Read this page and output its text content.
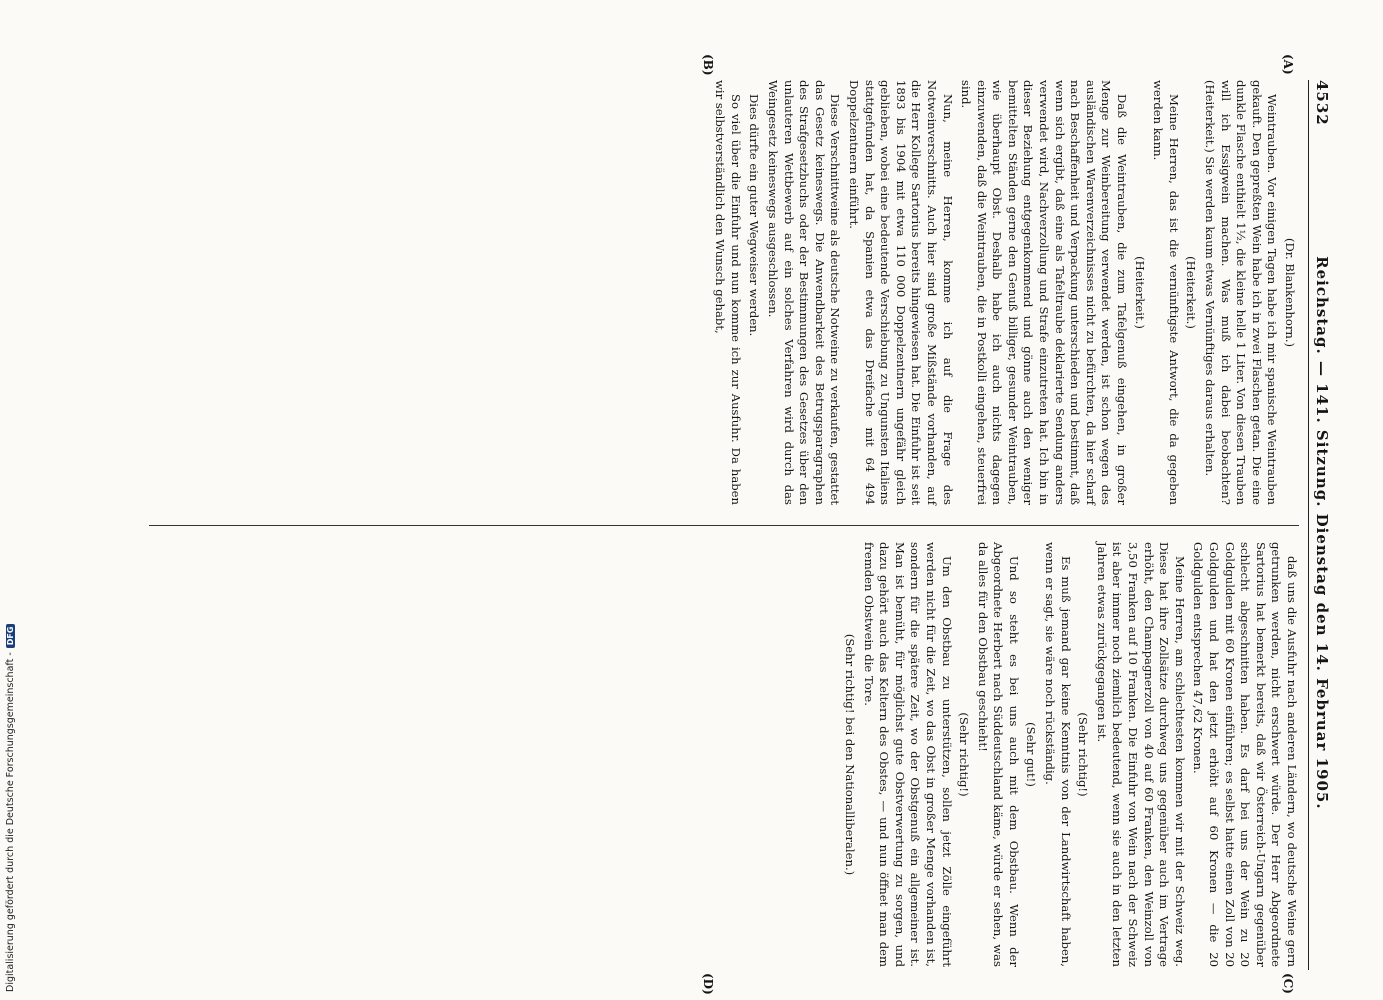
4532
Reichstag. — 141. Sitzung. Dienstag den 14. Februar 1905.
(A)
(B)
(C)
(D)

(Dr. Blankenhorn.)

Weintrauben. Vor einigen Tagen habe ich mir spanische Weintrauben gekauft. Den gepreßten Wein habe ich in zwei Flaschen getan. Die eine dunkle Flasche enthielt 1½, die kleine helle 1 Liter. Von diesen Trauben will ich Essigwein machen. Was muß ich dabei beobachten? (Heiterkeit.) Sie werden kaum etwas Vernünftiges daraus erhalten.

(Heiterkeit.)

Meine Herren, das ist die vernünftigste Antwort, die da gegeben werden kann.

(Heiterkeit.)

Daß die Weintrauben, die zum Tafelgenuß eingehen, in großer Menge zur Weinbereitung verwendet werden, ist schon wegen des ausländischen Warenverzeichnisses nicht zu befürchten, da hier scharf nach Beschaffenheit und Verpackung unterschieden und bestimmt, daß wenn sich ergibt, daß eine als Tafeltraube deklarierte Sendung anders verwendet wird, Nachverzollung und Strafe einzutreten hat. Ich bin in dieser Beziehung entgegenkommend und gönne auch den weniger bemittelten Ständen gerne den Genuß billiger, gesunder Weintrauben, wie überhaupt Obst. Deshalb habe ich auch nichts dagegen einzuwenden, daß die Weintrauben, die in Postkolli eingehen, steuerfrei sind.

Nun, meine Herren, komme ich auf die Frage des Notweinverschnitts. Auch hier sind große Mißstände vorhanden, auf die Herr Kollege Sartorius bereits hingewiesen hat. Die Einfuhr ist seit 1893 bis 1904 mit etwa 110 000 Doppelzentnern ungefähr gleich geblieben, wobei eine bedeutende Verschiebung zu Ungunsten Italiens stattgefunden hat, da Spanien etwa das Dreifache mit 64 494 Doppelzentnern einführt.

Diese Verschnittweine als deutsche Notweine zu verkaufen, gestattet das Gesetz keineswegs. Die Anwendbarkeit des Betrugsparagraphen des Strafgesetzbuchs oder der Bestimmungen des Gesetzes über den unlauteren Wettbewerb auf ein solches Verfahren wird durch das Weingesetz keineswegs ausgeschlossen.

Dies dürfte ein guter Wegweiser werden.

So viel über die Einfuhr und nun komme ich zur Ausfuhr. Da haben wir selbstverständlich den Wunsch gehabt,

daß uns die Ausfuhr nach anderen Ländern, wo deutsche Weine gern getrunken werden, nicht erschwert würde. Der Herr Abgeordnete Sartorius hat bemerkt bereits, daß wir Österreich-Ungarn gegenüber schlecht abgeschnitten haben. Es darf bei uns der Wein zu 20 Goldgulden mit 60 Kronen einführen; es selbst hatte einen Zoll von 20 Goldgulden und hat den jetzt erhöht auf 60 Kronen — die 20 Goldgulden entsprechen 47,62 Kronen.

Meine Herren, am schlechtesten kommen wir mit der Schweiz weg. Diese hat ihre Zollsätze durchweg uns gegenüber auch im Vertrage erhöht, den Champagnerzoll von 40 auf 60 Franken, den Weinzoll von 3,50 Franken auf 10 Franken. Die Einfuhr von Wein nach der Schweiz ist aber immer noch ziemlich bedeutend, wenn sie auch in den letzten Jahren etwas zurückgegangen ist.

(Sehr richtig!)

Es muß jemand gar keine Kenntnis von der Landwirtschaft haben, wenn er sagt, sie wäre noch rückständig.

(Sehr gut!)

Und so steht es bei uns auch mit dem Obstbau. Wenn der Abgeordnete Herbert nach Süddeutschland käme, würde er sehen, was da alles für den Obstbau geschieht!

(Sehr richtig!)

Um den Obstbau zu unterstützen, sollen jetzt Zölle eingeführt werden nicht für die Zeit, wo das Obst in großer Menge vorhanden ist, sondern für die spätere Zeit, wo der Obstgenuß ein allgemeiner ist. Man ist bemüht, für möglichst gute Obstverwertung zu sorgen, und dazu gehört auch das Keltern des Obstes, — und nun öffnet man dem fremden Obstwein die Tore.

(Sehr richtig! bei den Nationalliberalen.)

Digitalisierung gefördert durch die Deutsche Forschungsgemeinschaft -
DFG
